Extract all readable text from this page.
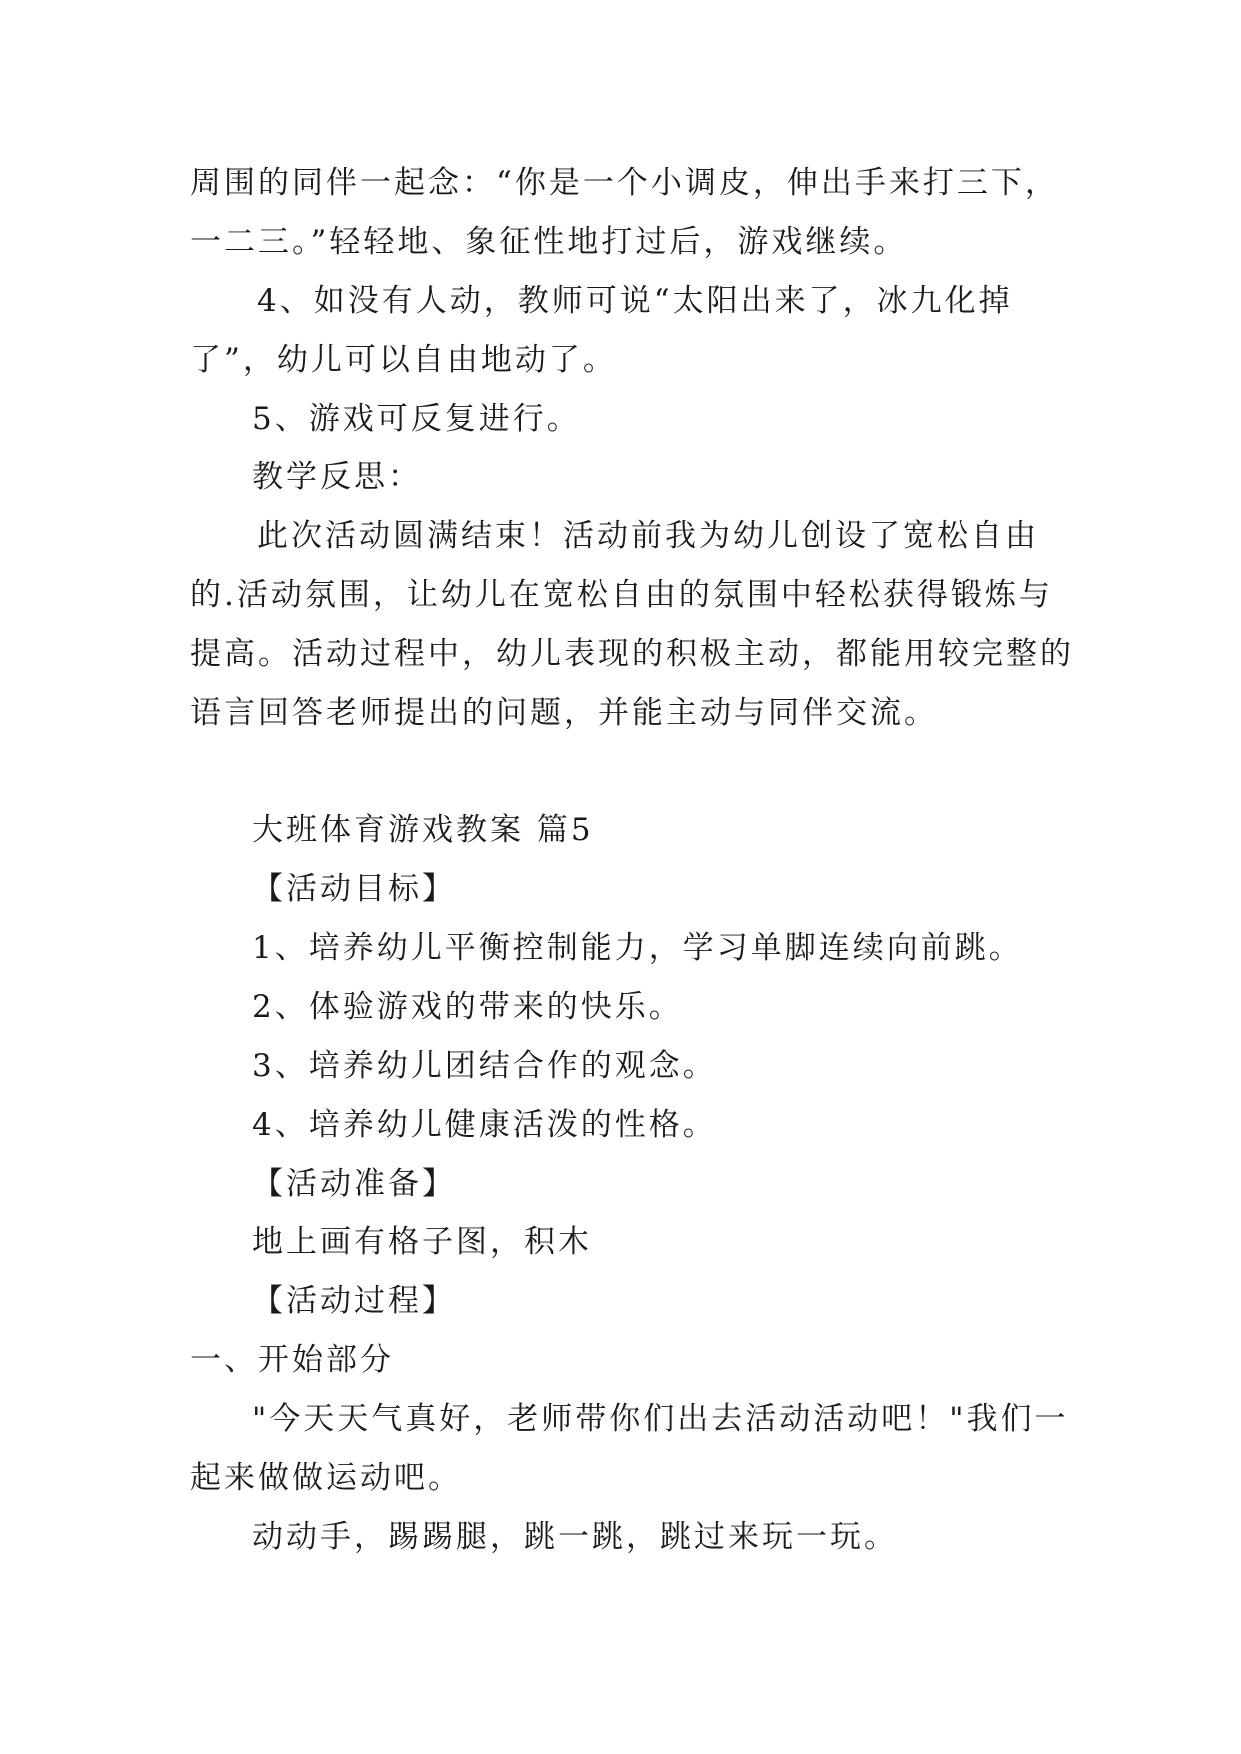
周围的同伴一起念：“你是一个小调皮，伸出手来打三下，
一二三。”轻轻地、象征性地打过后，游戏继续。
4、如没有人动，教师可说“太阳出来了，冰九化掉
了”，幼儿可以自由地动了。
5、游戏可反复进行。
教学反思：
此次活动圆满结束！活动前我为幼儿创设了宽松自由
的.活动氛围，让幼儿在宽松自由的氛围中轻松获得锻炼与
提高。活动过程中，幼儿表现的积极主动，都能用较完整的
语言回答老师提出的问题，并能主动与同伴交流。
大班体育游戏教案 篇5
【活动目标】
1、培养幼儿平衡控制能力，学习单脚连续向前跳。
2、体验游戏的带来的快乐。
3、培养幼儿团结合作的观念。
4、培养幼儿健康活泼的性格。
【活动准备】
地上画有格子图，积木
【活动过程】
一、开始部分
"今天天气真好，老师带你们出去活动活动吧！"我们一
起来做做运动吧。
动动手，踢踢腿，跳一跳，跳过来玩一玩。
